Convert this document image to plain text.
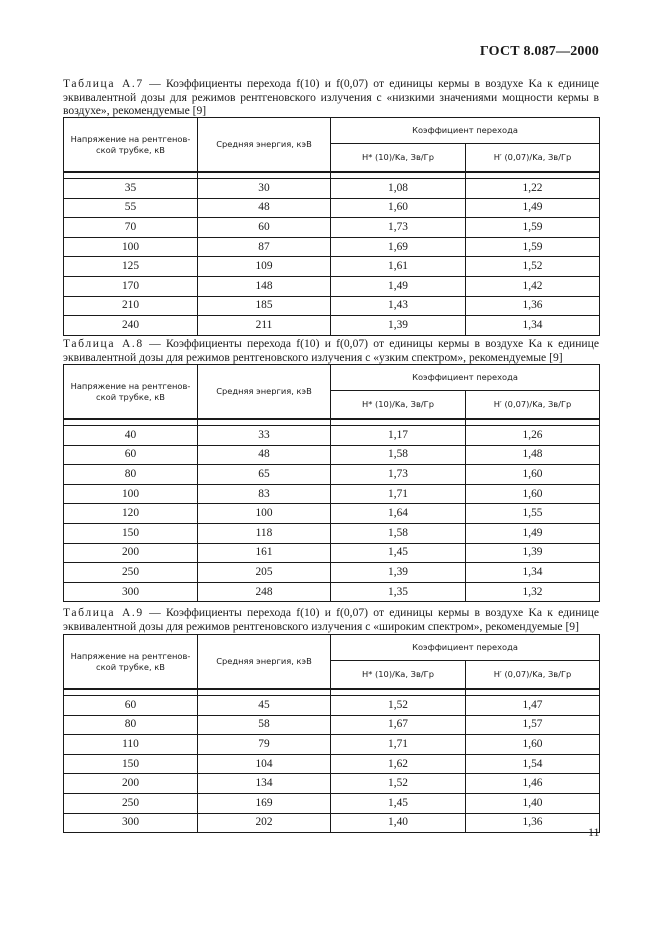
ГОСТ 8.087—2000
Таблица А.7 — Коэффициенты перехода f(10) и f(0,07) от единицы кермы в воздухе Kа к единице эквивалентной дозы для режимов рентгеновского излучения с «низкими значениями мощности кермы в воздухе», рекомендуемые [9]
Напряжение на рентгенов-ской трубке, кВ	Средняя энергия, кэВ	Коэффициент перехода	
		H* (10)/Kа, Зв/Гр	H′ (0,07)/Kа, Зв/Гр

35	30	1,08	1,22
55	48	1,60	1,49
70	60	1,73	1,59
100	87	1,69	1,59
125	109	1,61	1,52
170	148	1,49	1,42
210	185	1,43	1,36
240	211	1,39	1,34
Таблица А.8 — Коэффициенты перехода f(10) и f(0,07) от единицы кермы в воздухе Kа к единице эквивалентной дозы для режимов рентгеновского излучения с «узким спектром», рекомендуемые [9]
Напряжение на рентгенов-ской трубке, кВ	Средняя энергия, кэВ	Коэффициент перехода	
		H* (10)/Kа, Зв/Гр	H′ (0,07)/Kа, Зв/Гр

40	33	1,17	1,26
60	48	1,58	1,48
80	65	1,73	1,60
100	83	1,71	1,60
120	100	1,64	1,55
150	118	1,58	1,49
200	161	1,45	1,39
250	205	1,39	1,34
300	248	1,35	1,32
Таблица А.9 — Коэффициенты перехода f(10) и f(0,07) от единицы кермы в воздухе Kа к единице эквивалентной дозы для режимов рентгеновского излучения с «широким спектром», рекомендуемые [9]
Напряжение на рентгенов-ской трубке, кВ	Средняя энергия, кэВ	Коэффициент перехода	
		H* (10)/Kа, Зв/Гр	H′ (0,07)/Kа, Зв/Гр

60	45	1,52	1,47
80	58	1,67	1,57
110	79	1,71	1,60
150	104	1,62	1,54
200	134	1,52	1,46
250	169	1,45	1,40
300	202	1,40	1,36
11
